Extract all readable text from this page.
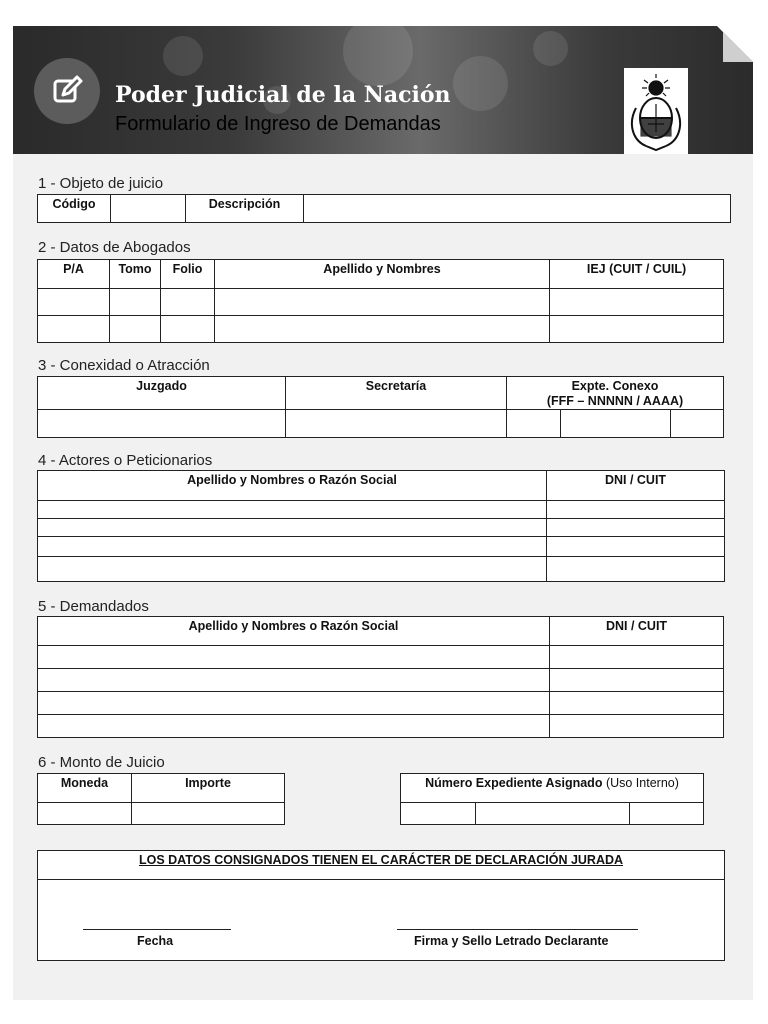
Poder Judicial de la Nación
Formulario de Ingreso de Demandas
1 - Objeto de juicio
Código		Descripción	
2 - Datos de Abogados
P/A	Tomo	Folio	Apellido y Nombres	IEJ (CUIT / CUIL)

3 - Conexidad o Atracción
Juzgado	Secretaría	Expte. Conexo
(FFF – NNNNN / AAAA)		

4 - Actores o Peticionarios
Apellido y Nombres o Razón Social	DNI / CUIT

5 - Demandados
Apellido y Nombres o Razón Social	DNI / CUIT

6 - Monto de Juicio
Moneda	Importe
		Número Expediente Asignado (Uso Interno)

LOS DATOS CONSIGNADOS TIENEN EL CARÁCTER DE DECLARACIÓN JURADA
Fecha	Firma y Sello Letrado Declarante
